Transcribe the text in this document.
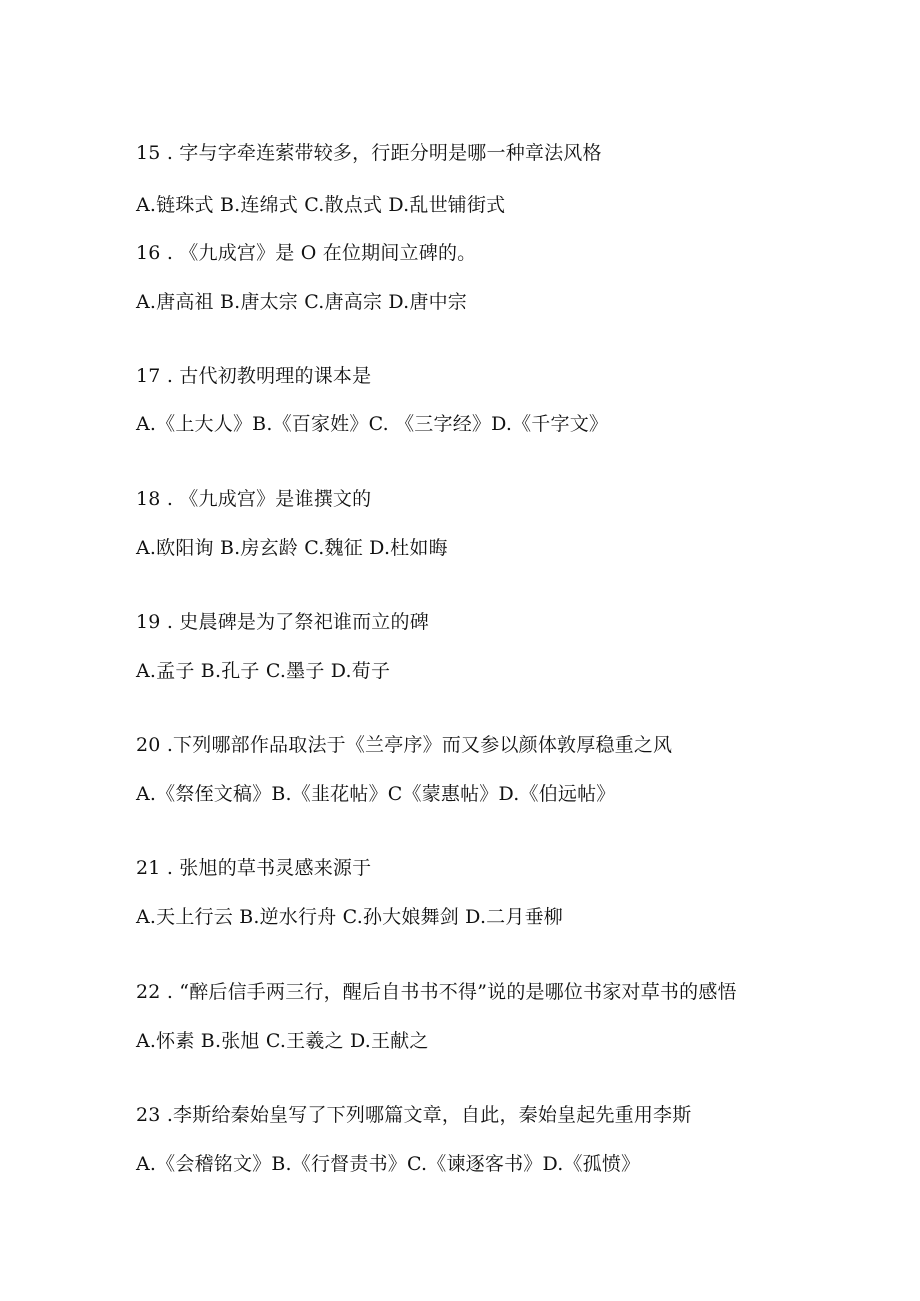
15 . 字与字牵连萦带较多，行距分明是哪一种章法风格
A.链珠式 B.连绵式 C.散点式 D.乱世铺街式
16 . 《九成宫》是 O 在位期间立碑的。
A.唐高祖 B.唐太宗 C.唐高宗 D.唐中宗
17 . 古代初教明理的课本是
A.《上大人》B.《百家姓》C. 《三字经》D.《千字文》
18 . 《九成宫》是谁撰文的
A.欧阳询 B.房玄龄 C.魏征 D.杜如晦
19 . 史晨碑是为了祭祀谁而立的碑
A.孟子 B.孔子 C.墨子 D.荀子
20 .下列哪部作品取法于《兰亭序》而又参以颜体敦厚稳重之风
A.《祭侄文稿》B.《韭花帖》C《蒙惠帖》D.《伯远帖》
21 . 张旭的草书灵感来源于
A.天上行云 B.逆水行舟 C.孙大娘舞剑 D.二月垂柳
22 . “醉后信手两三行，醒后自书书不得”说的是哪位书家对草书的感悟
A.怀素 B.张旭 C.王羲之 D.王献之
23 .李斯给秦始皇写了下列哪篇文章，自此，秦始皇起先重用李斯
A.《会稽铭文》B.《行督责书》C.《谏逐客书》D.《孤愤》
